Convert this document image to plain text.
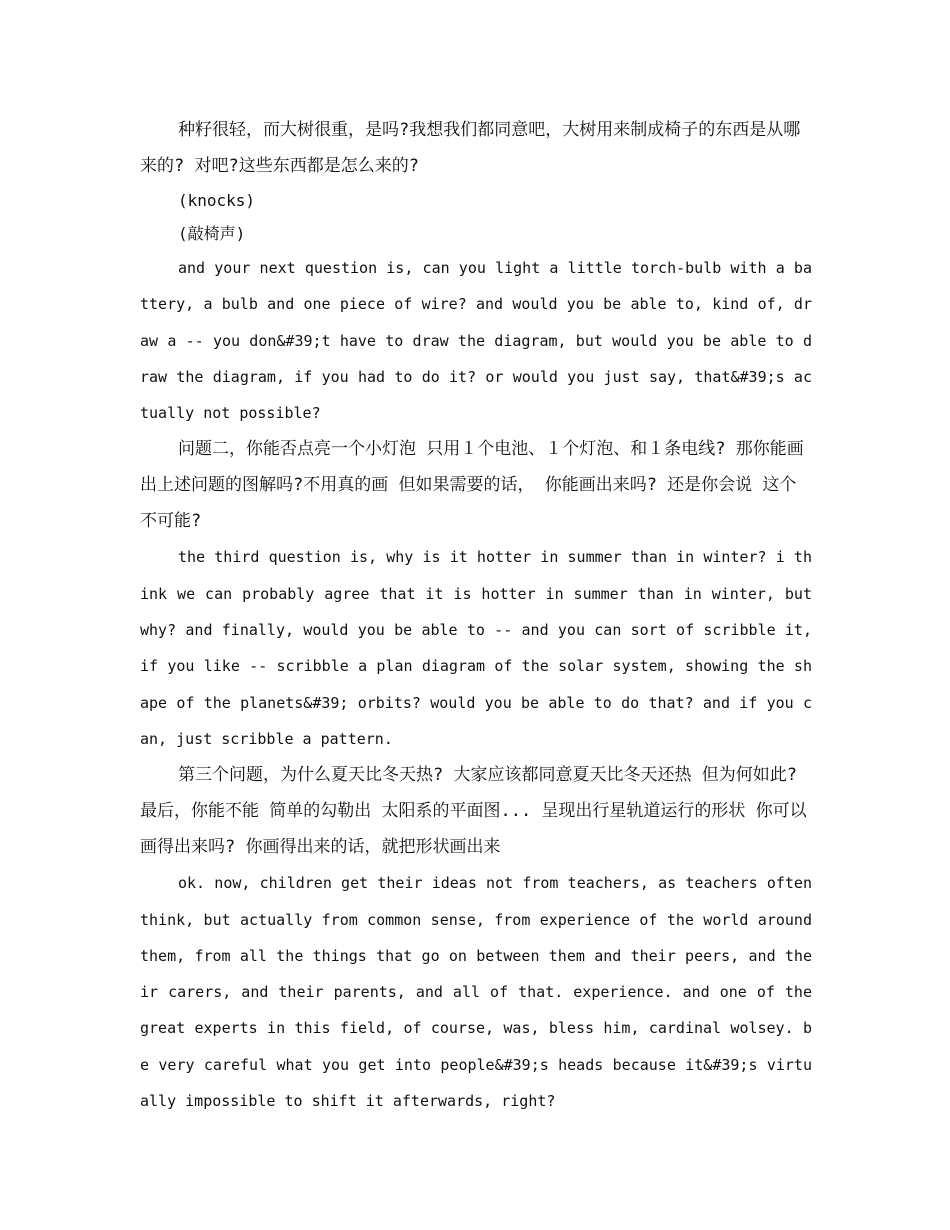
种籽很轻，而大树很重，是吗?我想我们都同意吧，大树用来制成椅子的东西是从哪来的? 对吧?这些东西都是怎么来的?

(knocks)

(敲椅声)

and your next question is, can you light a little torch-bulb with a battery, a bulb and one piece of wire? and would you be able to, kind of, draw a -- you don&#39;t have to draw the diagram, but would you be able to draw the diagram, if you had to do it? or would you just say, that&#39;s actually not possible?

问题二，你能否点亮一个小灯泡 只用１个电池、１个灯泡、和１条电线? 那你能画出上述问题的图解吗?不用真的画 但如果需要的话， 你能画出来吗? 还是你会说 这个不可能?

the third question is, why is it hotter in summer than in winter? i think we can probably agree that it is hotter in summer than in winter, but why? and finally, would you be able to -- and you can sort of scribble it, if you like -- scribble a plan diagram of the solar system, showing the shape of the planets&#39; orbits? would you be able to do that? and if you can, just scribble a pattern.

第三个问题，为什么夏天比冬天热? 大家应该都同意夏天比冬天还热 但为何如此?最后，你能不能 简单的勾勒出 太阳系的平面图... 呈现出行星轨道运行的形状 你可以画得出来吗? 你画得出来的话，就把形状画出来

ok. now, children get their ideas not from teachers, as teachers often think, but actually from common sense, from experience of the world around them, from all the things that go on between them and their peers, and their carers, and their parents, and all of that. experience. and one of the great experts in this field, of course, was, bless him, cardinal wolsey. be very careful what you get into people&#39;s heads because it&#39;s virtually impossible to shift it afterwards, right?
